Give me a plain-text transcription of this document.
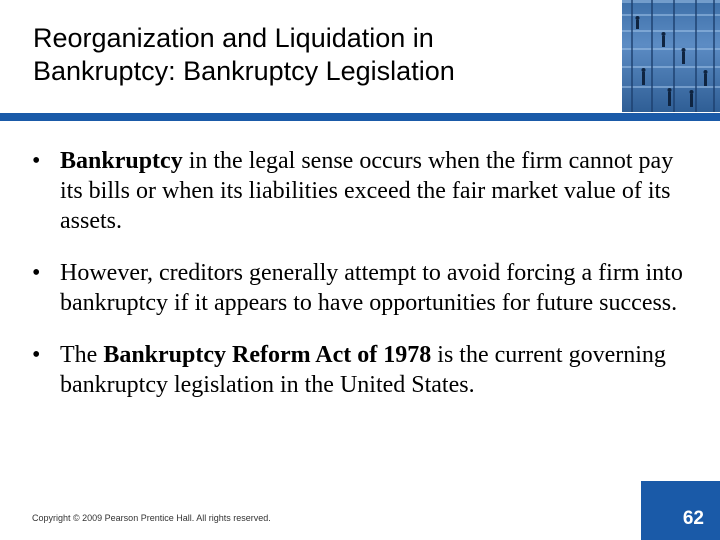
Reorganization and Liquidation in
Bankruptcy: Bankruptcy Legislation
• Bankruptcy in the legal sense occurs when the firm cannot pay its bills or when its liabilities exceed the fair market value of its assets.
• However, creditors generally attempt to avoid forcing a firm into bankruptcy if it appears to have opportunities for future success.
• The Bankruptcy Reform Act of 1978 is the current governing bankruptcy legislation in the United States.
Copyright © 2009 Pearson Prentice Hall. All rights reserved.	62
